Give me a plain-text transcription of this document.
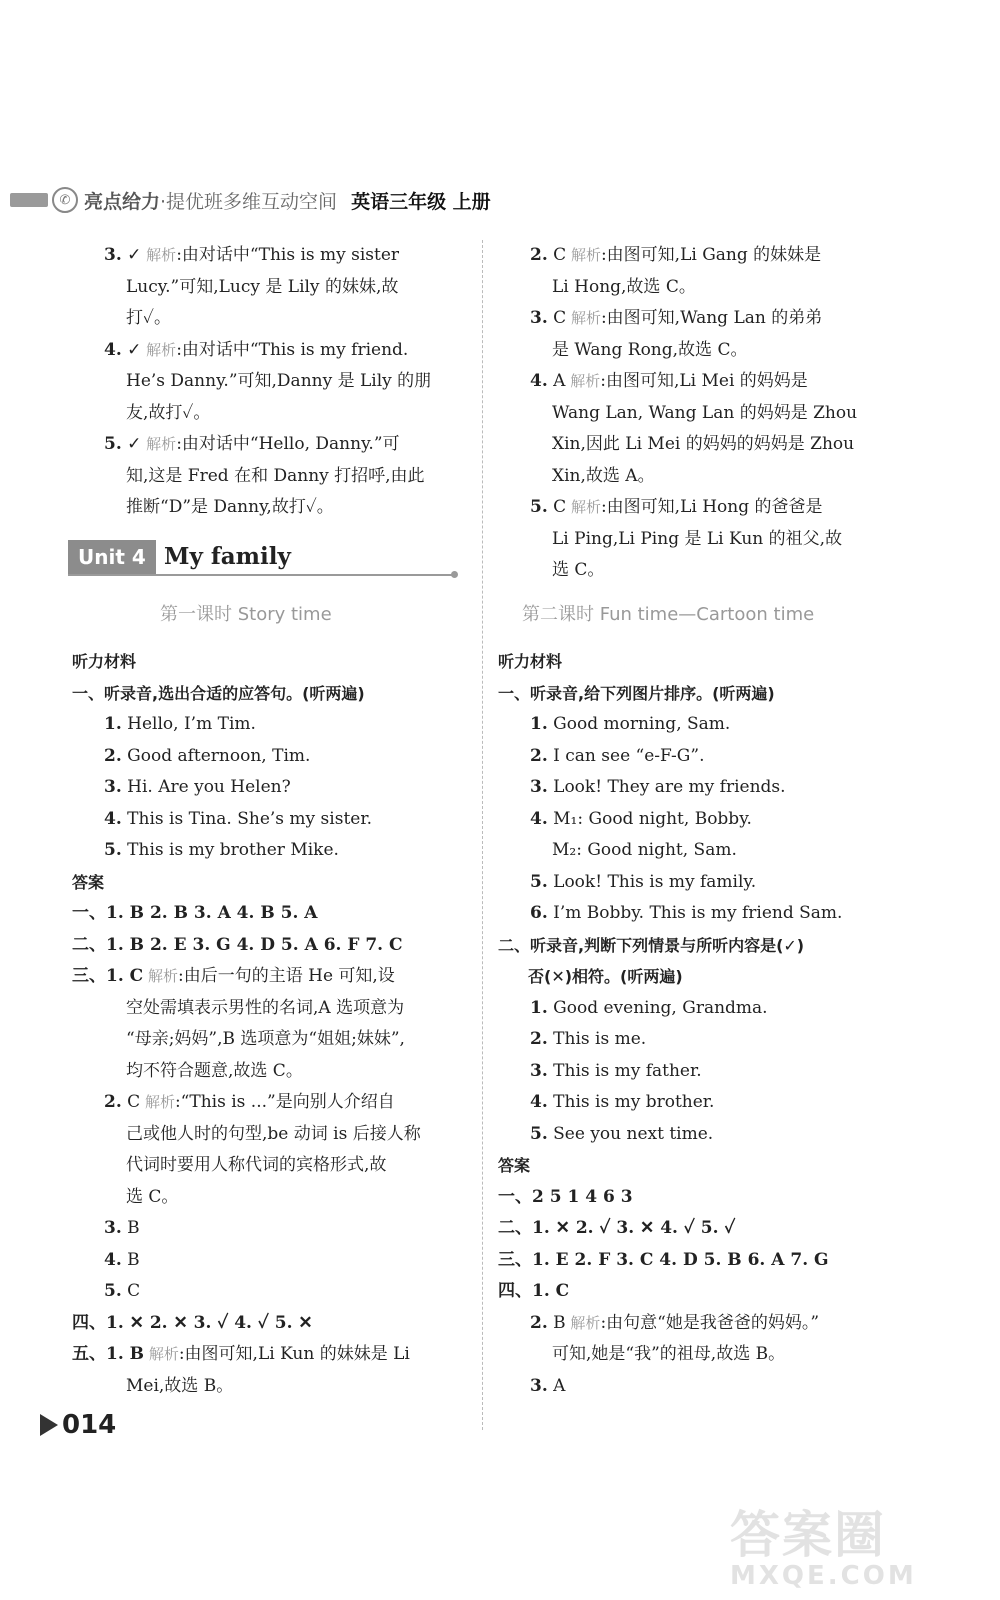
✆ 亮点给力 ·提优班多维互动空间 英语三年级 上册
3. ✓ 解析:由对话中“This is my sister
Lucy.”可知,Lucy 是 Lily 的妹妹,故
打✓。
4. ✓ 解析:由对话中“This is my friend.
He’s Danny.”可知,Danny 是 Lily 的朋
友,故打✓。
5. ✓ 解析:由对话中“Hello, Danny.”可
知,这是 Fred 在和 Danny 打招呼,由此
推断“D”是 Danny,故打✓。
2. C 解析:由图可知,Li Gang 的妹妹是
Li Hong,故选 C。
3. C 解析:由图可知,Wang Lan 的弟弟
是 Wang Rong,故选 C。
4. A 解析:由图可知,Li Mei 的妈妈是
Wang Lan, Wang Lan 的妈妈是 Zhou
Xin,因此 Li Mei 的妈妈的妈妈是 Zhou
Xin,故选 A。
5. C 解析:由图可知,Li Hong 的爸爸是
Li Ping,Li Ping 是 Li Kun 的祖父,故
选 C。
Unit 4 My family
第一课时 Story time	第二课时 Fun time—Cartoon time
听力材料
一、听录音,选出合适的应答句。(听两遍)
1. Hello, I’m Tim.
2. Good afternoon, Tim.
3. Hi. Are you Helen?
4. This is Tina. She’s my sister.
5. This is my brother Mike.
答案
一、1. B 2. B 3. A 4. B 5. A
二、1. B 2. E 3. G 4. D 5. A 6. F 7. C
三、1. C 解析:由后一句的主语 He 可知,设
空处需填表示男性的名词,A 选项意为
“母亲;妈妈”,B 选项意为“姐姐;妹妹”,
均不符合题意,故选 C。
2. C 解析:“This is ...”是向别人介绍自
己或他人时的句型,be 动词 is 后接人称
代词时要用人称代词的宾格形式,故
选 C。
3. B
4. B
5. C
四、1. ✕ 2. ✕ 3. ✓ 4. ✓ 5. ✕
五、1. B 解析:由图可知,Li Kun 的妹妹是 Li
Mei,故选 B。
听力材料
一、听录音,给下列图片排序。(听两遍)
1. Good morning, Sam.
2. I can see “e-F-G”.
3. Look! They are my friends.
4. M₁: Good night, Bobby.
M₂: Good night, Sam.
5. Look! This is my family.
6. I’m Bobby. This is my friend Sam.
二、听录音,判断下列情景与所听内容是(✓)
否(✕)相符。(听两遍)
1. Good evening, Grandma.
2. This is me.
3. This is my father.
4. This is my brother.
5. See you next time.
答案
一、2 5 1 4 6 3
二、1. ✕ 2. ✓ 3. ✕ 4. ✓ 5. ✓
三、1. E 2. F 3. C 4. D 5. B 6. A 7. G
四、1. C
2. B 解析:由句意“她是我爸爸的妈妈。”
可知,她是“我”的祖母,故选 B。
3. A
014
答案圈
MXQE.COM
